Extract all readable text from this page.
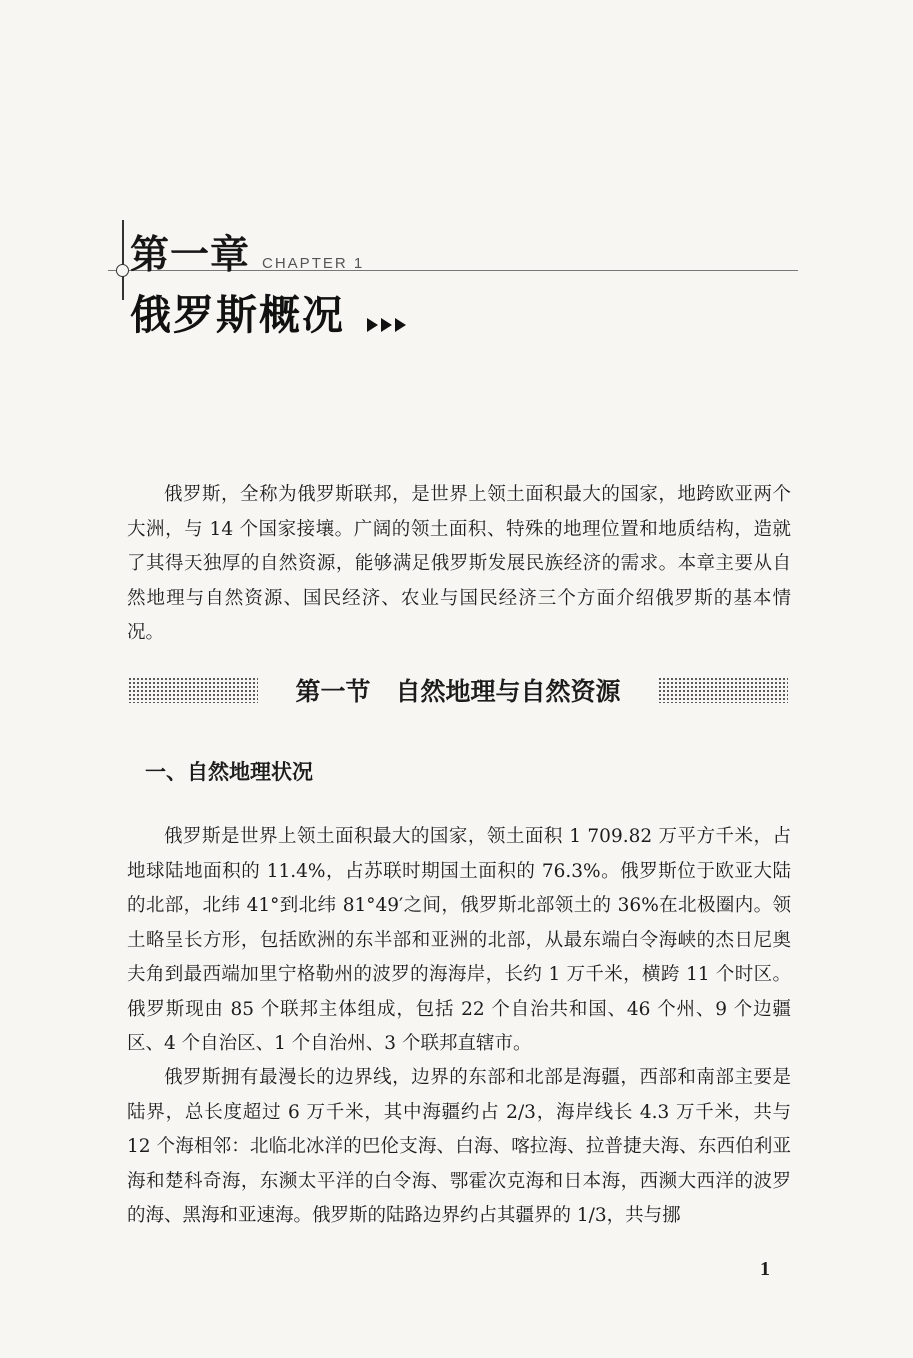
第一章 CHAPTER 1
俄罗斯概况

俄罗斯，全称为俄罗斯联邦，是世界上领土面积最大的国家，地跨欧亚两个大洲，与 14 个国家接壤。广阔的领土面积、特殊的地理位置和地质结构，造就了其得天独厚的自然资源，能够满足俄罗斯发展民族经济的需求。本章主要从自然地理与自然资源、国民经济、农业与国民经济三个方面介绍俄罗斯的基本情况。

第一节　自然地理与自然资源
一、自然地理状况

俄罗斯是世界上领土面积最大的国家，领土面积 1 709.82 万平方千米，占地球陆地面积的 11.4%，占苏联时期国土面积的 76.3%。俄罗斯位于欧亚大陆的北部，北纬 41°到北纬 81°49′之间，俄罗斯北部领土的 36%在北极圈内。领土略呈长方形，包括欧洲的东半部和亚洲的北部，从最东端白令海峡的杰日尼奥夫角到最西端加里宁格勒州的波罗的海海岸，长约 1 万千米，横跨 11 个时区。俄罗斯现由 85 个联邦主体组成，包括 22 个自治共和国、46 个州、9 个边疆区、4 个自治区、1 个自治州、3 个联邦直辖市。

俄罗斯拥有最漫长的边界线，边界的东部和北部是海疆，西部和南部主要是陆界，总长度超过 6 万千米，其中海疆约占 2/3，海岸线长 4.3 万千米，共与 12 个海相邻：北临北冰洋的巴伦支海、白海、喀拉海、拉普捷夫海、东西伯利亚海和楚科奇海，东濒太平洋的白令海、鄂霍次克海和日本海，西濒大西洋的波罗的海、黑海和亚速海。俄罗斯的陆路边界约占其疆界的 1/3，共与挪

1
